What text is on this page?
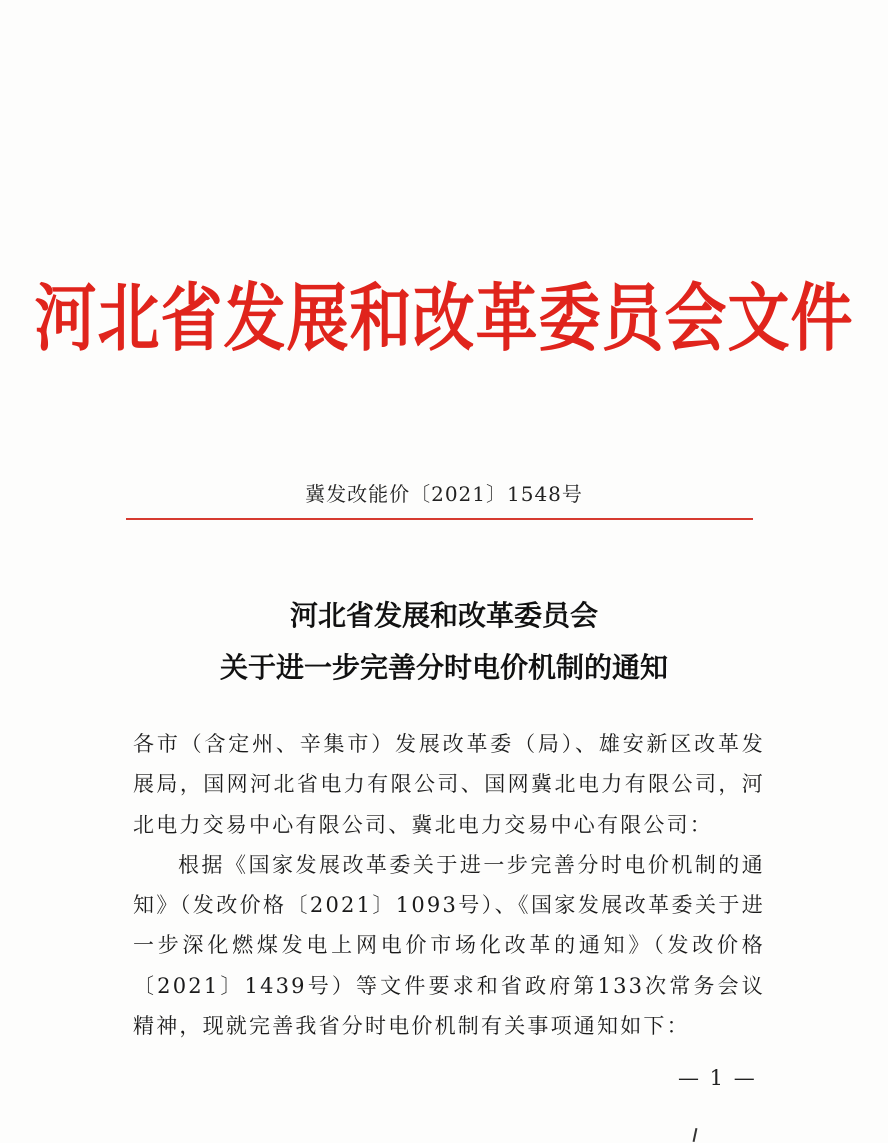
河北省发展和改革委员会文件
冀发改能价〔2021〕1548号
河北省发展和改革委员会
关于进一步完善分时电价机制的通知

各市（含定州、辛集市）发展改革委（局）、雄安新区改革发展局，国网河北省电力有限公司、国网冀北电力有限公司，河北电力交易中心有限公司、冀北电力交易中心有限公司：

根据《国家发展改革委关于进一步完善分时电价机制的通知》（发改价格〔2021〕1093号）、《国家发展改革委关于进一步深化燃煤发电上网电价市场化改革的通知》（发改价格〔2021〕1439号）等文件要求和省政府第133次常务会议精神，现就完善我省分时电价机制有关事项通知如下：

— 1 —
